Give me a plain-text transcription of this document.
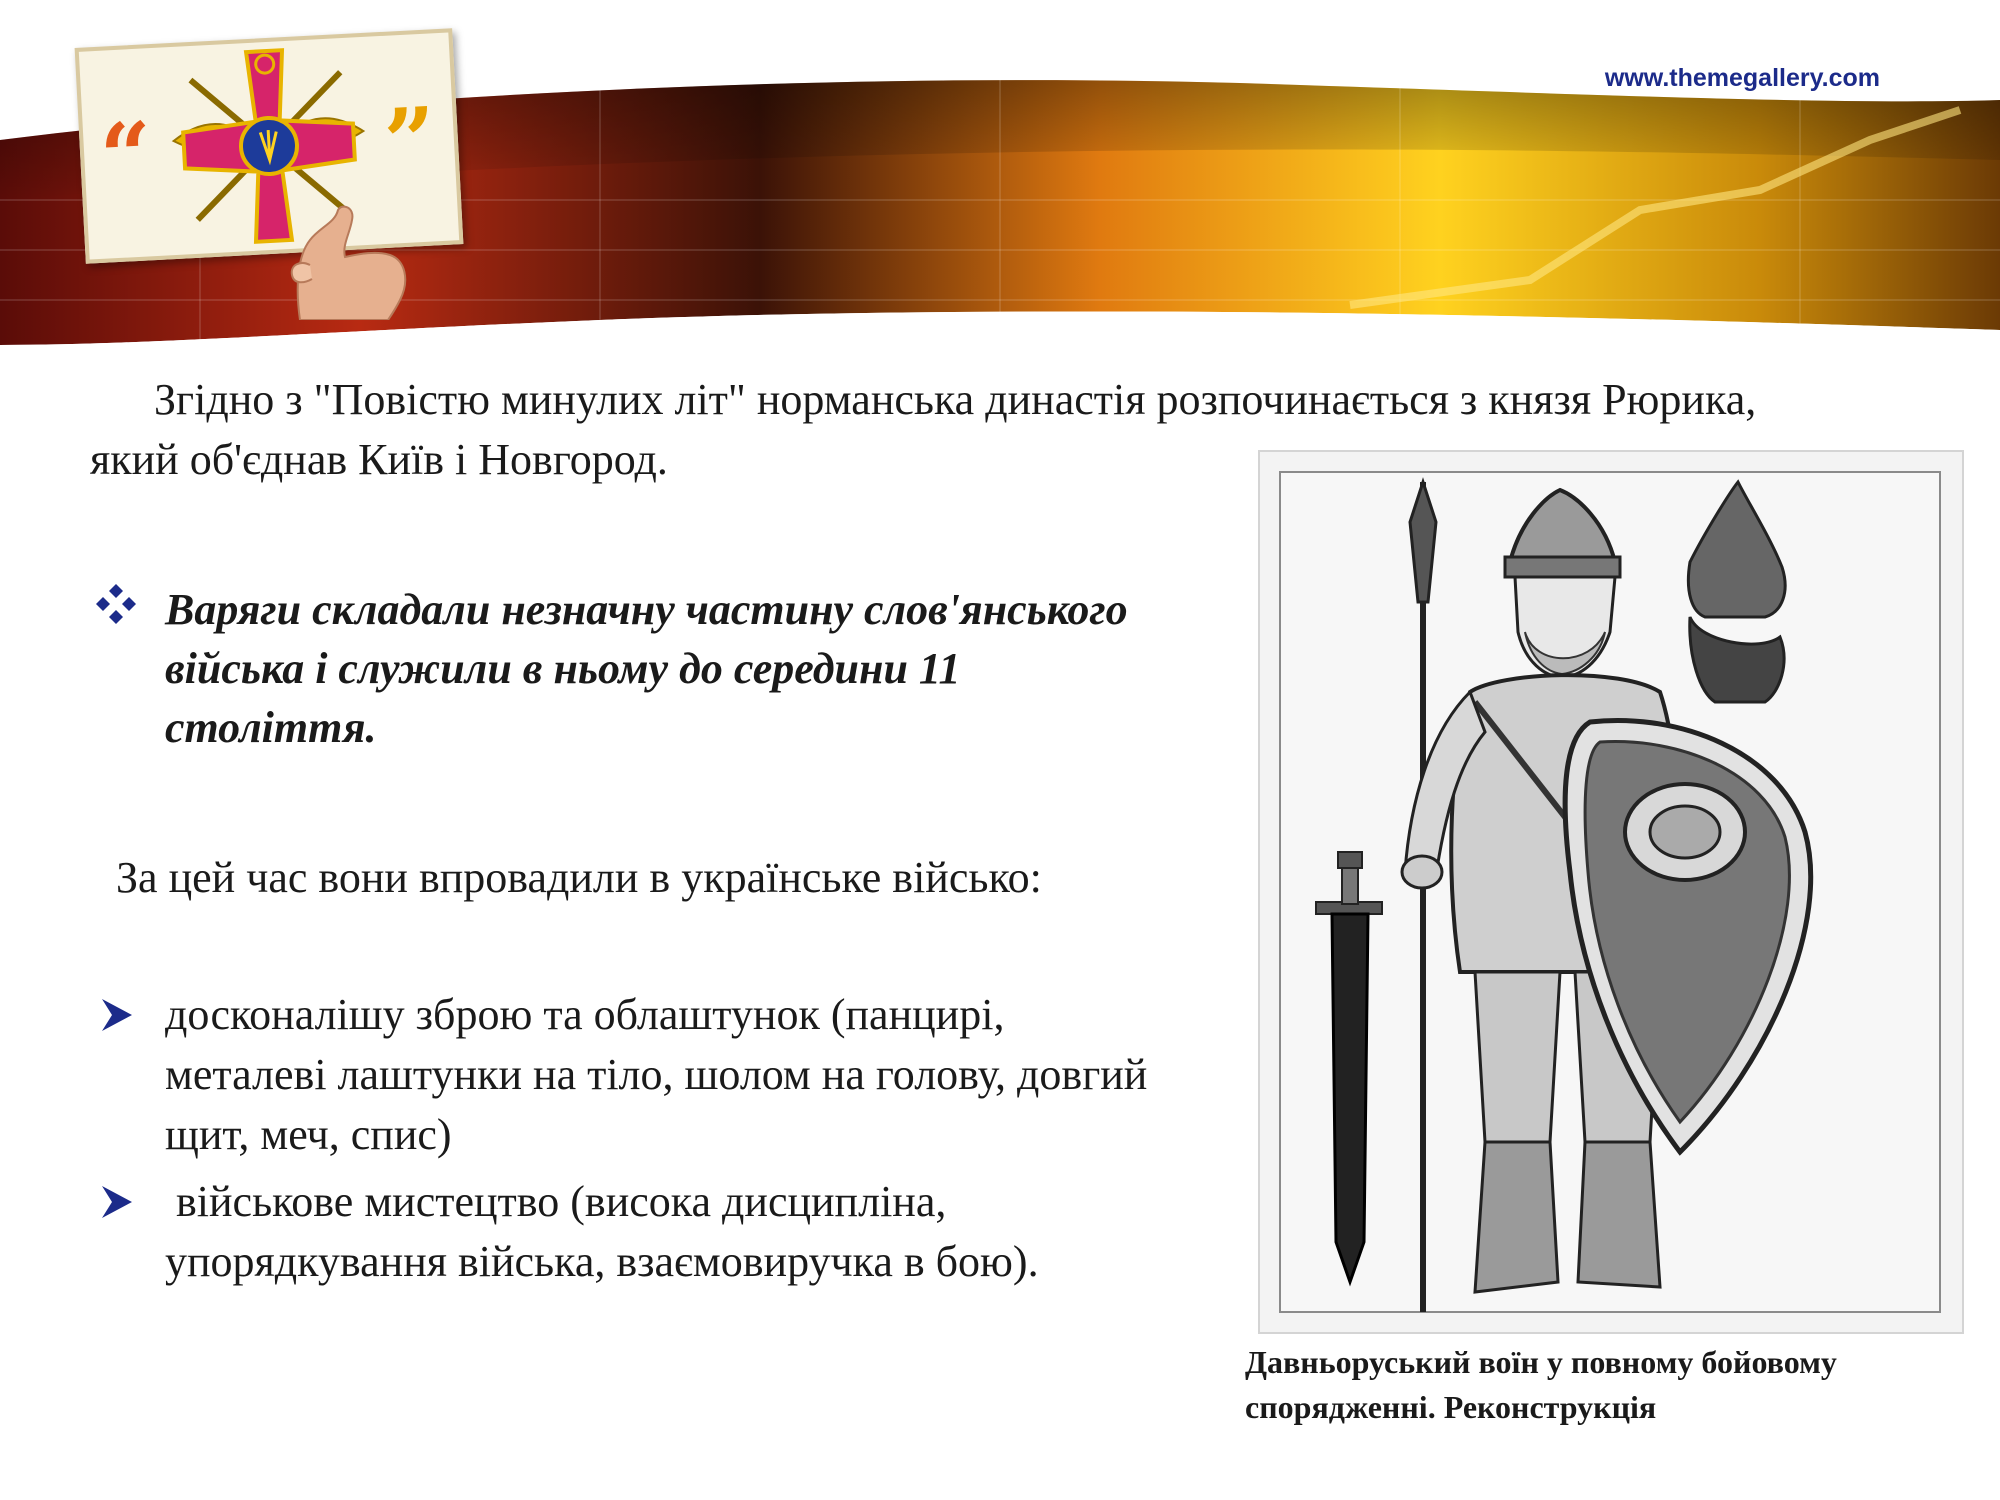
www.themegallery.com
“	”

Згідно з "Повістю минулих літ" норманська династія розпочинається з князя Рюрика, який об'єднав Київ і Новгород.

Варяги складали незначну частину слов'янського війська і служили в ньому до середини 11 століття.

За цей час вони впровадили в українське військо:

досконалішу зброю та облаштунок (панцирі, металеві лаштунки на тіло, шолом на голову, довгий щит, меч, спис)

військове мистецтво (висока дисципліна, упорядкування війська, взаємовиручка в бою).

Давньоруський воїн у повному бойовому спорядженні. Реконструкція
